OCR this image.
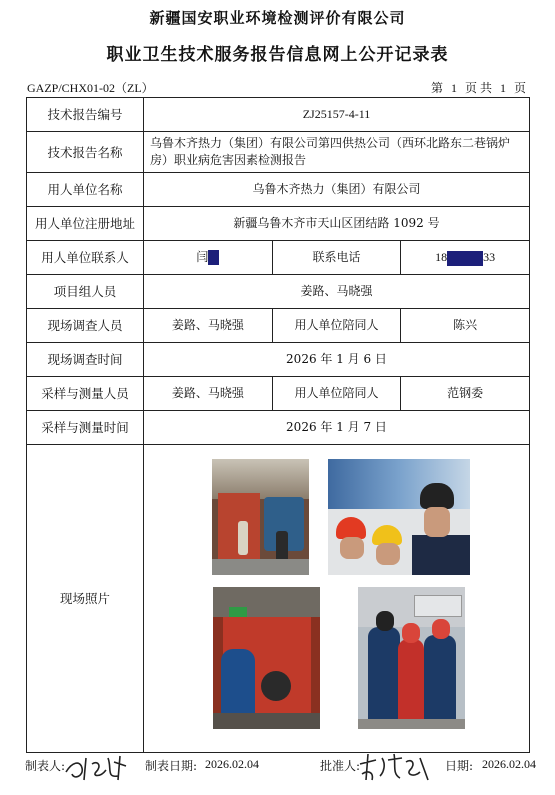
新疆国安职业环境检测评价有限公司
职业卫生技术服务报告信息网上公开记录表
GAZP/CHX01-02（ZL）	第 1 页 共 1 页
技术报告编号	ZJ25157-4-11		
技术报告名称	乌鲁木齐热力（集团）有限公司第四供热公司（西环北路东二巷锅炉房）职业病危害因素检测报告		
用人单位名称	乌鲁木齐热力（集团）有限公司		
用人单位注册地址	新疆乌鲁木齐市天山区团结路 1092 号		
用人单位联系人	闫	联系电话	18 33
项目组人员	姜路、马晓强		
现场调查人员	姜路、马晓强	用人单位陪同人	陈兴
现场调查时间	2026 年 1 月 6 日		
采样与测量人员	姜路、马晓强	用人单位陪同人	范钢委
采样与测量时间	2026 年 1 月 7 日		
现场照片			
制表人:	制表日期: 2026.02.04	批准人:	日期: 2026.02.04
